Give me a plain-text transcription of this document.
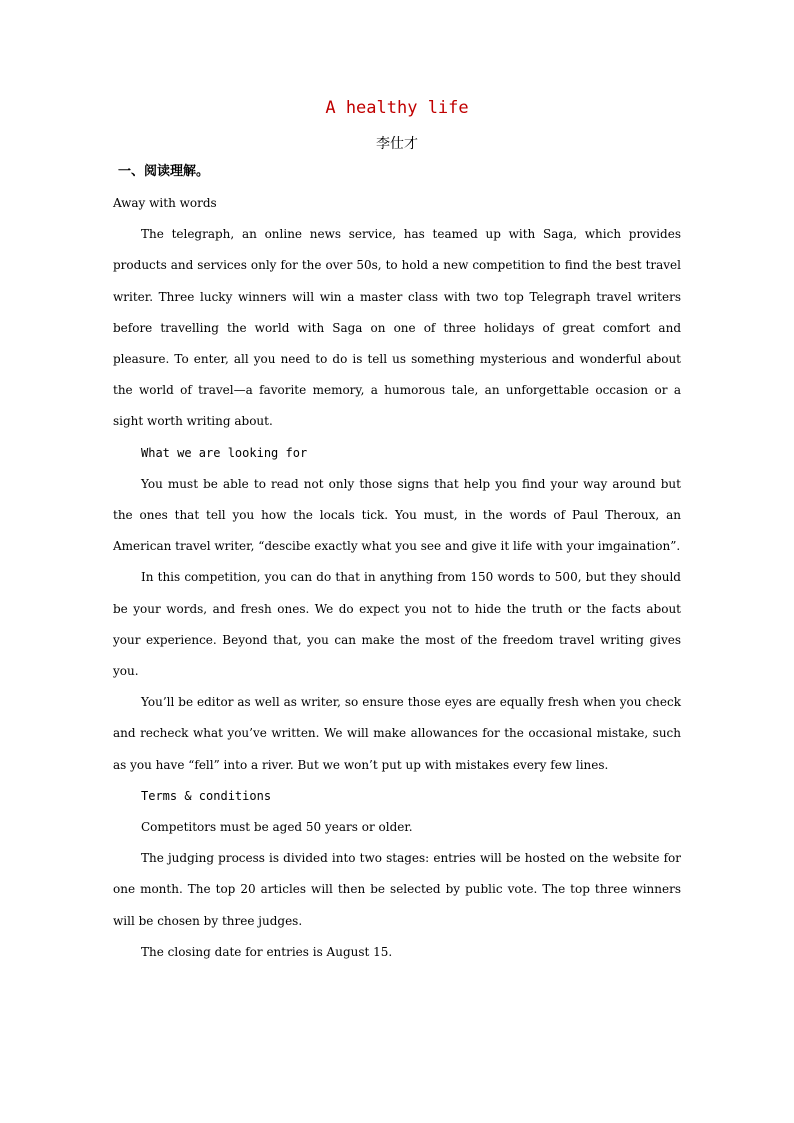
A healthy life
李仕才
一、阅读理解。

Away with words

The telegraph, an online news service, has teamed up with Saga, which provides products and services only for the over 50s, to hold a new competition to find the best travel writer. Three lucky winners will win a master class with two top Telegraph travel writers before travelling the world with Saga on one of three holidays of great comfort and pleasure. To enter, all you need to do is tell us something mysterious and wonderful about the world of travel—a favorite memory, a humorous tale, an unforgettable occasion or a sight worth writing about.

What we are looking for

You must be able to read not only those signs that help you find your way around but the ones that tell you how the locals tick. You must, in the words of Paul Theroux, an American travel writer, “descibe exactly what you see and give it life with your imgaination”.

In this competition, you can do that in anything from 150 words to 500, but they should be your words, and fresh ones. We do expect you not to hide the truth or the facts about your experience. Beyond that, you can make the most of the freedom travel writing gives you.

You’ll be editor as well as writer, so ensure those eyes are equally fresh when you check and recheck what you’ve written. We will make allowances for the occasional mistake, such as you have “fell” into a river. But we won’t put up with mistakes every few lines.

Terms & conditions

Competitors must be aged 50 years or older.

The judging process is divided into two stages: entries will be hosted on the website for one month. The top 20 articles will then be selected by public vote. The top three winners will be chosen by three judges.

The closing date for entries is August 15.
